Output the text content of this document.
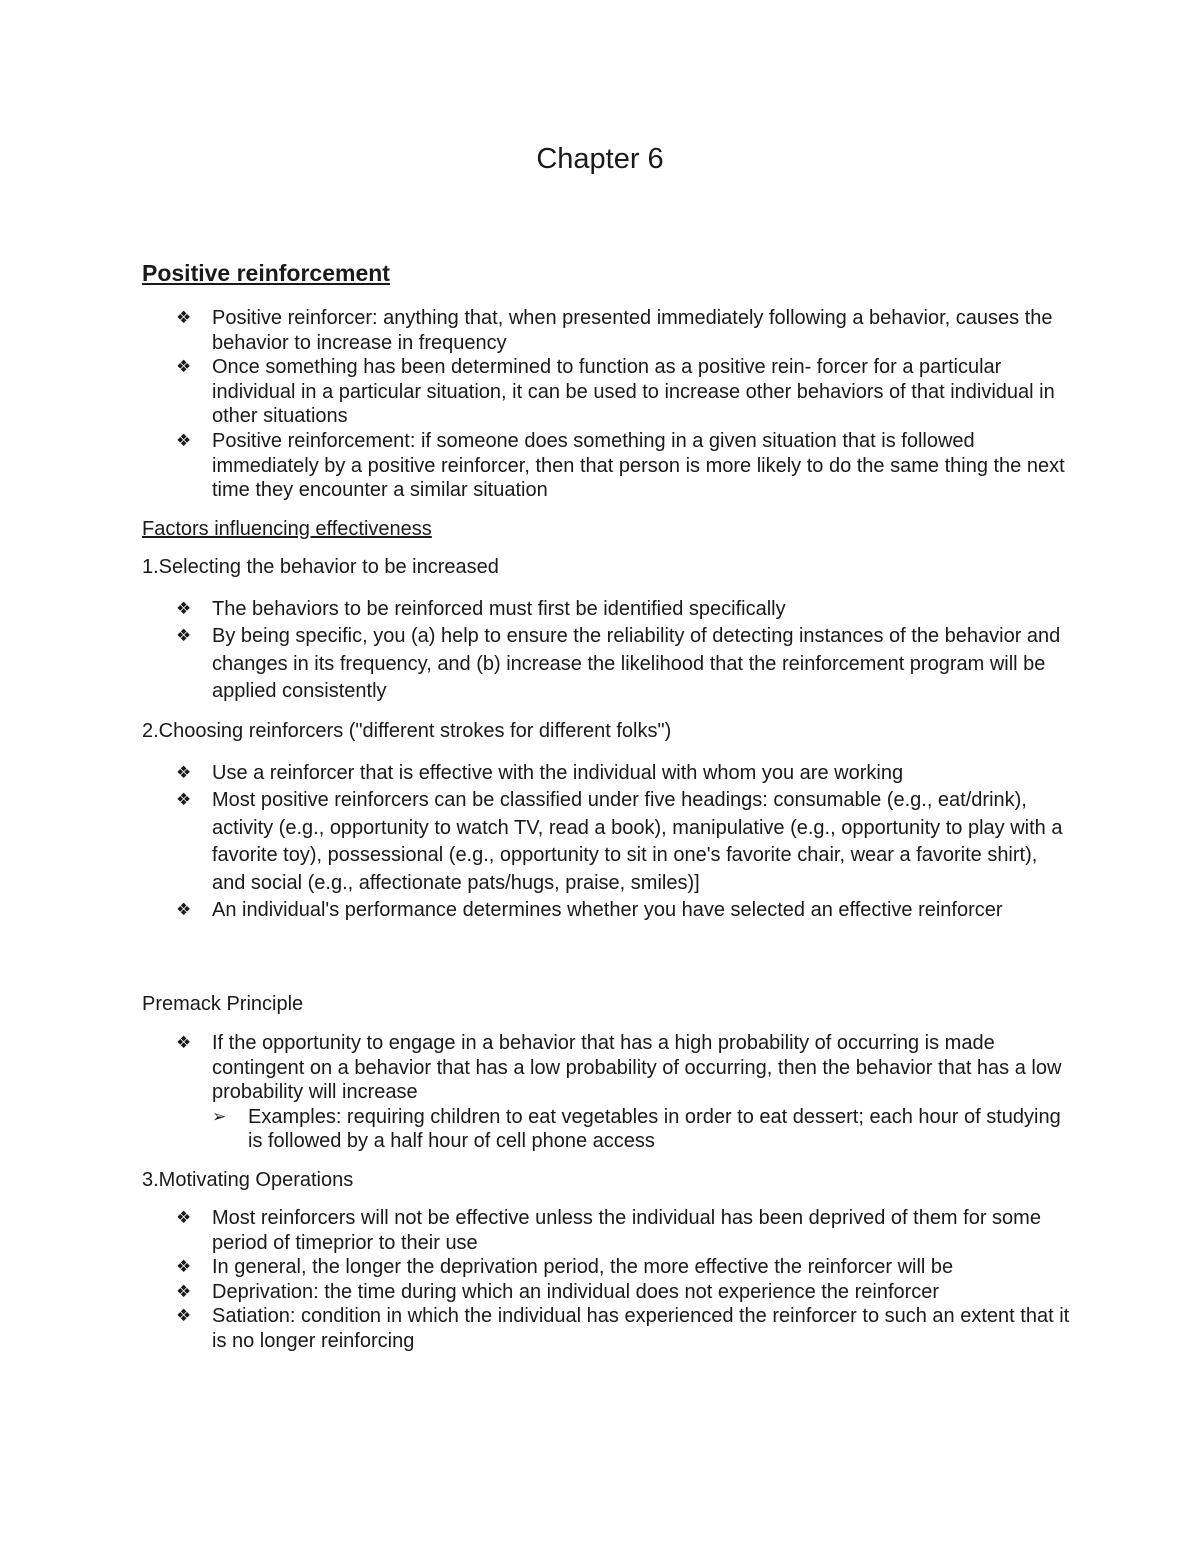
Chapter 6
Positive reinforcement
❖	Positive reinforcer: anything that, when presented immediately following a behavior, causes the behavior to increase in frequency
❖	Once something has been determined to function as a positive rein- forcer for a particular individual in a particular situation, it can be used to increase other behaviors of that individual in other situations
❖	Positive reinforcement: if someone does something in a given situation that is followed immediately by a positive reinforcer, then that person is more likely to do the same thing the next time they encounter a similar situation

Factors influencing effectiveness

1.Selecting the behavior to be increased

❖	The behaviors to be reinforced must first be identified specifically
❖	By being specific, you (a) help to ensure the reliability of detecting instances of the behavior and changes in its frequency, and (b) increase the likelihood that the reinforcement program will be applied consistently

2.Choosing reinforcers ("different strokes for different folks")

❖	Use a reinforcer that is effective with the individual with whom you are working
❖	Most positive reinforcers can be classified under five headings: consumable (e.g., eat/drink), activity (e.g., opportunity to watch TV, read a book), manipulative (e.g., opportunity to play with a favorite toy), possessional (e.g., opportunity to sit in one's favorite chair, wear a favorite shirt), and social (e.g., affectionate pats/hugs, praise, smiles)]
❖	An individual's performance determines whether you have selected an effective reinforcer

Premack Principle

❖	If the opportunity to engage in a behavior that has a high probability of occurring is made contingent on a behavior that has a low probability of occurring, then the behavior that has a low probability will increase
➢	Examples: requiring children to eat vegetables in order to eat dessert; each hour of studying is followed by a half hour of cell phone access

3.Motivating Operations

❖	Most reinforcers will not be effective unless the individual has been deprived of them for some period of timeprior to their use
❖	In general, the longer the deprivation period, the more effective the reinforcer will be
❖	Deprivation: the time during which an individual does not experience the reinforcer
❖	Satiation: condition in which the individual has experienced the reinforcer to such an extent that it is no longer reinforcing
